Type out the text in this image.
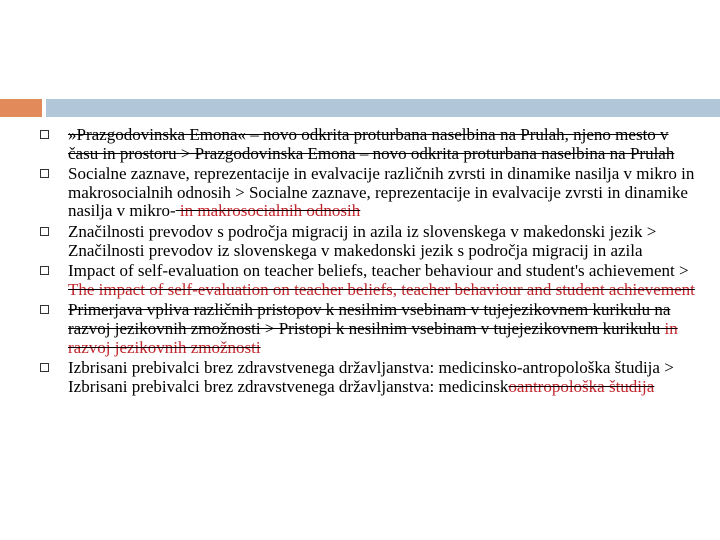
»Prazgodovinska Emona« – novo odkrita proturbana naselbina na Prulah, njeno mesto v času in prostoru > Prazgodovinska Emona – novo odkrita proturbana naselbina na Prulah
Socialne zaznave, reprezentacije in evalvacije različnih zvrsti in dinamike nasilja v mikro in makrosocialnih odnosih > Socialne zaznave, reprezentacije in evalvacije zvrsti in dinamike nasilja v mikro- in makrosocialnih odnosih
Značilnosti prevodov s področja migracij in azila iz slovenskega v makedonski jezik > Značilnosti prevodov iz slovenskega v makedonski jezik s področja migracij in azila
Impact of self-evaluation on teacher beliefs, teacher behaviour and student's achievement > The impact of self-evaluation on teacher beliefs, teacher behaviour and student achievement
Primerjava vpliva različnih pristopov k nesilnim vsebinam v tujejezikovnem kurikulu na razvoj jezikovnih zmožnosti > Pristopi k nesilnim vsebinam v tujejezikovnem kurikulu in razvoj jezikovnih zmožnosti
Izbrisani prebivalci brez zdravstvenega državljanstva: medicinsko-antropološka študija > Izbrisani prebivalci brez zdravstvenega državljanstva: medicinskoantropološka študija
